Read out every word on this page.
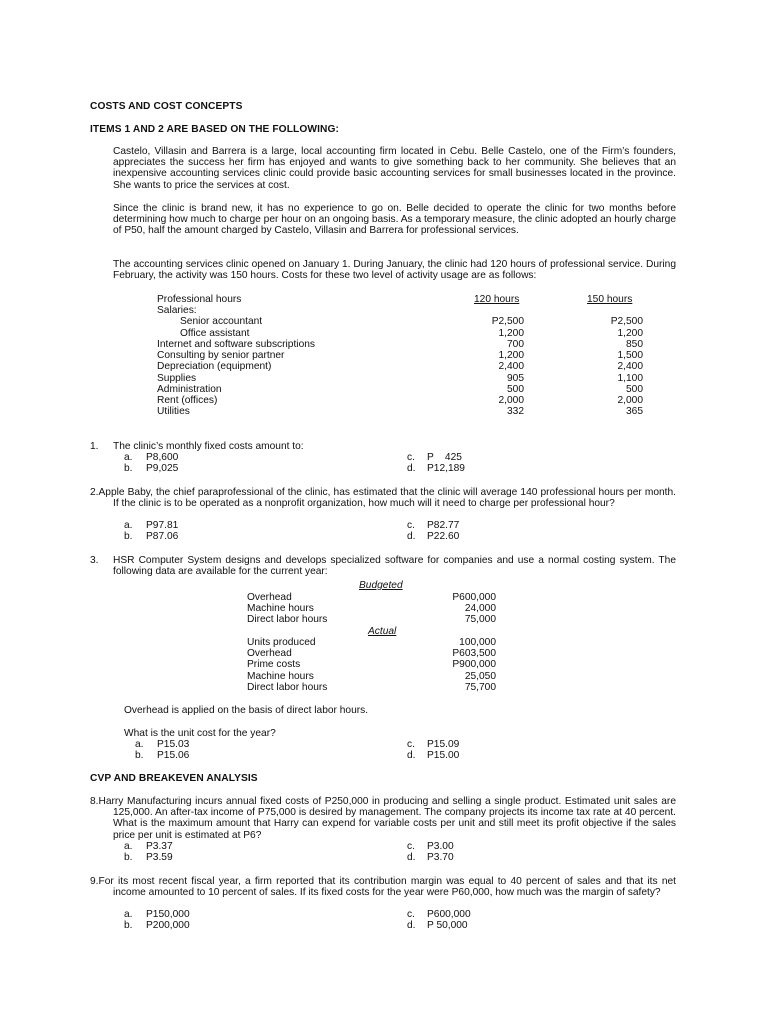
COSTS AND COST CONCEPTS
ITEMS 1 AND 2 ARE BASED ON THE FOLLOWING:
Castelo, Villasin and Barrera is a large, local accounting firm located in Cebu. Belle Castelo, one of the Firm’s founders, appreciates the success her firm has enjoyed and wants to give something back to her community. She believes that an inexpensive accounting services clinic could provide basic accounting services for small businesses located in the province. She wants to price the services at cost.
Since the clinic is brand new, it has no experience to go on. Belle decided to operate the clinic for two months before determining how much to charge per hour on an ongoing basis. As a temporary measure, the clinic adopted an hourly charge of P50, half the amount charged by Castelo, Villasin and Barrera for professional services.
The accounting services clinic opened on January 1. During January, the clinic had 120 hours of professional service. During February, the activity was 150 hours. Costs for these two level of activity usage are as follows:
Professional hours	120 hours	150 hours
Salaries:
Senior accountant	P2,500	P2,500
Office assistant	1,200	1,200
Internet and software subscriptions	700	850
Consulting by senior partner	1,200	1,500
Depreciation (equipment)	2,400	2,400
Supplies	905	1,100
Administration	500	500
Rent (offices)	2,000	2,000
Utilities	332	365
1. The clinic’s monthly fixed costs amount to:
a. P8,600
b. P9,025
c. P    425
d. P12,189
2.Apple Baby, the chief paraprofessional of the clinic, has estimated that the clinic will average 140 professional hours per month. If the clinic is to be operated as a nonprofit organization, how much will it need to charge per professional hour?
a. P97.81
b. P87.06
c. P82.77
d. P22.60
3. HSR Computer System designs and develops specialized software for companies and use a normal costing system. The following data are available for the current year:
Budgeted
Overhead	P600,000
Machine hours	24,000
Direct labor hours	75,000
Actual
Units produced	100,000
Overhead	P603,500
Prime costs	P900,000
Machine hours	25,050
Direct labor hours	75,700
Overhead is applied on the basis of direct labor hours.
What is the unit cost for the year?
a. P15.03
b. P15.06
c. P15.09
d. P15.00
CVP AND BREAKEVEN ANALYSIS
8.Harry Manufacturing incurs annual fixed costs of P250,000 in producing and selling a single product. Estimated unit sales are 125,000. An after-tax income of P75,000 is desired by management. The company projects its income tax rate at 40 percent. What is the maximum amount that Harry can expend for variable costs per unit and still meet its profit objective if the sales price per unit is estimated at P6?
a. P3.37
b. P3.59
c. P3.00
d. P3.70
9.For its most recent fiscal year, a firm reported that its contribution margin was equal to 40 percent of sales and that its net income amounted to 10 percent of sales. If its fixed costs for the year were P60,000, how much was the margin of safety?
a. P150,000
b. P200,000
c. P600,000
d. P 50,000
